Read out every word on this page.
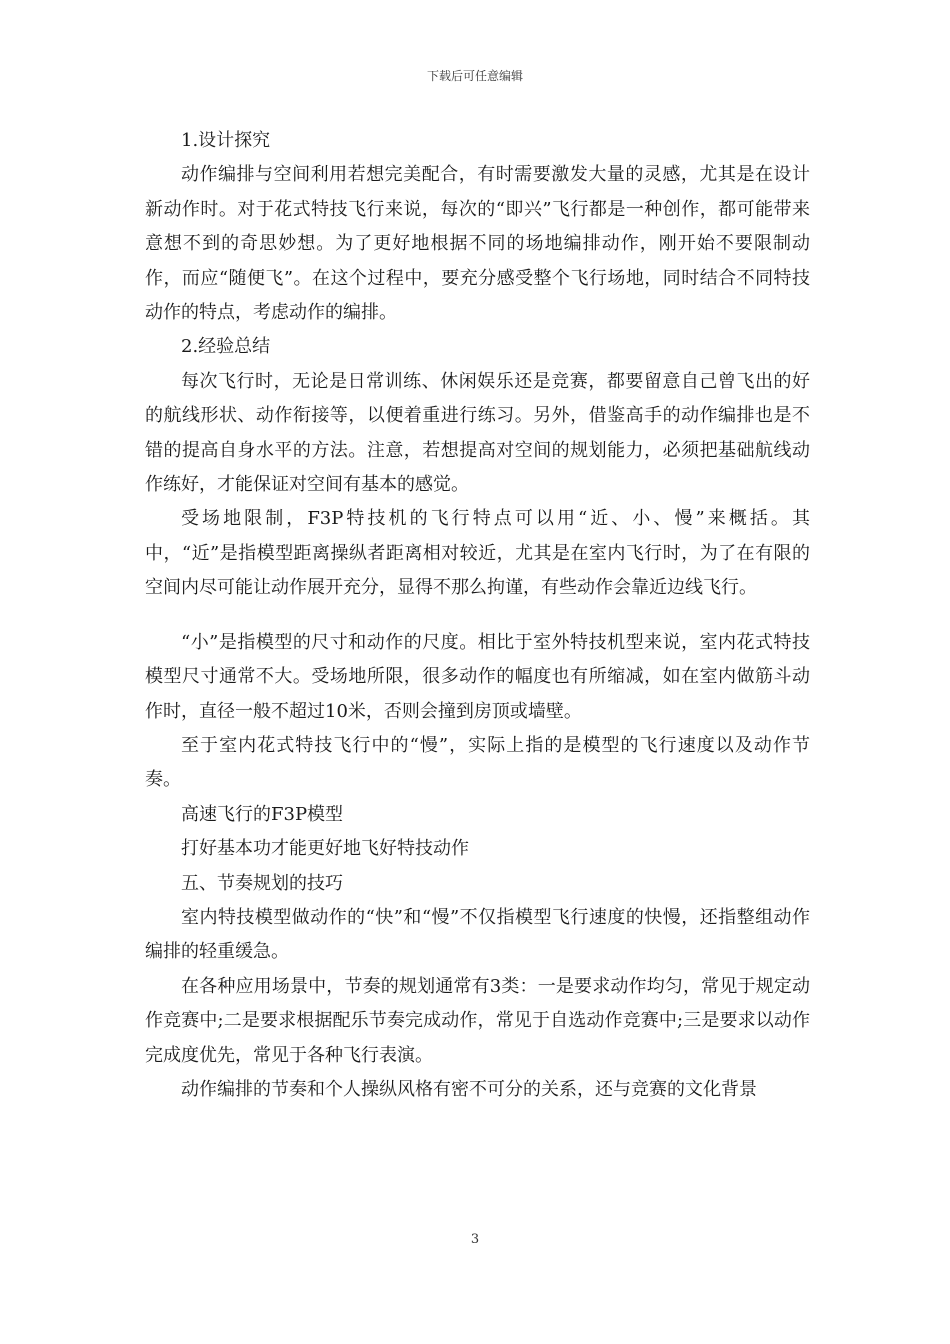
下载后可任意编辑

1.设计探究

动作编排与空间利用若想完美配合，有时需要激发大量的灵感，尤其是在设计新动作时。对于花式特技飞行来说，每次的“即兴”飞行都是一种创作，都可能带来意想不到的奇思妙想。为了更好地根据不同的场地编排动作，刚开始不要限制动作，而应“随便飞”。在这个过程中，要充分感受整个飞行场地，同时结合不同特技动作的特点，考虑动作的编排。

2.经验总结

每次飞行时，无论是日常训练、休闲娱乐还是竞赛，都要留意自己曾飞出的好的航线形状、动作衔接等，以便着重进行练习。另外，借鉴高手的动作编排也是不错的提高自身水平的方法。注意，若想提高对空间的规划能力，必须把基础航线动作练好，才能保证对空间有基本的感觉。

受场地限制，F3P特技机的飞行特点可以用“近、小、慢”来概括。其中，“近”是指模型距离操纵者距离相对较近，尤其是在室内飞行时，为了在有限的空间内尽可能让动作展开充分，显得不那么拘谨，有些动作会靠近边线飞行。

“小”是指模型的尺寸和动作的尺度。相比于室外特技机型来说，室内花式特技模型尺寸通常不大。受场地所限，很多动作的幅度也有所缩减，如在室内做筋斗动作时，直径一般不超过10米，否则会撞到房顶或墙壁。

至于室内花式特技飞行中的“慢”，实际上指的是模型的飞行速度以及动作节奏。

高速飞行的F3P模型

打好基本功才能更好地飞好特技动作

五、节奏规划的技巧

室内特技模型做动作的“快”和“慢”不仅指模型飞行速度的快慢，还指整组动作编排的轻重缓急。

在各种应用场景中，节奏的规划通常有3类：一是要求动作均匀，常见于规定动作竞赛中;二是要求根据配乐节奏完成动作，常见于自选动作竞赛中;三是要求以动作完成度优先，常见于各种飞行表演。

动作编排的节奏和个人操纵风格有密不可分的关系，还与竞赛的文化背景

3
